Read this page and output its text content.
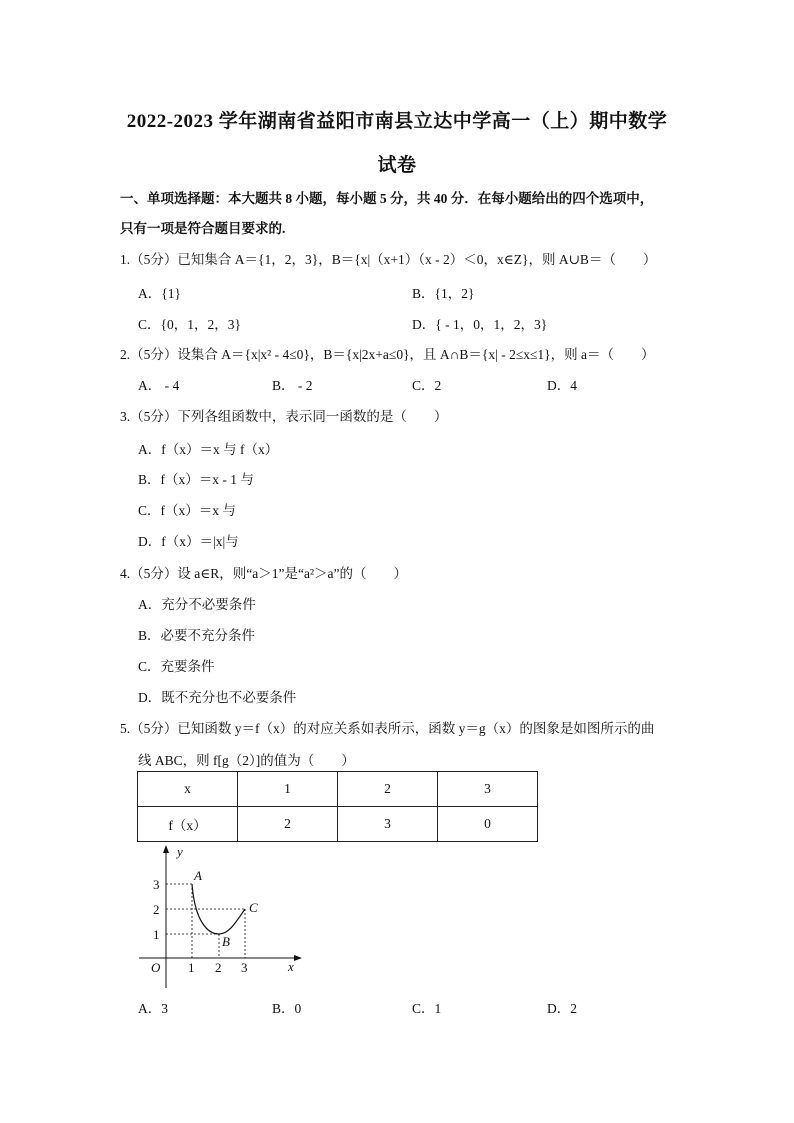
2022-2023 学年湖南省益阳市南县立达中学高一（上）期中数学
试卷
一、单项选择题：本大题共 8 小题，每小题 5 分，共 40 分．在每小题给出的四个选项中，
只有一项是符合题目要求的.
1.（5分）已知集合 A＝{1，2，3}，B＝{x|（x+1）（x - 2）＜0，x∈Z}，则 A∪B＝（　　）
A．{1}	B．{1，2}
C．{0，1，2，3}	D．{ - 1，0，1，2，3}
2.（5分）设集合 A＝{x|x² - 4≤0}，B＝{x|2x+a≤0}，且 A∩B＝{x| - 2≤x≤1}，则 a＝（　　）
A． - 4	B． - 2	C．2	D．4
3.（5分）下列各组函数中，表示同一函数的是（　　）
A．f（x）＝x 与 f（x）
B．f（x）＝x - 1 与
C．f（x）＝x 与
D．f（x）＝|x|与
4.（5分）设 a∈R，则“a＞1”是“a²＞a”的（　　）
A．充分不必要条件
B．必要不充分条件
C．充要条件
D．既不充分也不必要条件
5.（5分）已知函数 y＝f（x）的对应关系如表所示，函数 y＝g（x）的图象是如图所示的曲
线 ABC，则 f[g（2）]的值为（　　）
x	1	2	3
f（x）	2	3	0
y
x
O
3
2
1
1 2 3
A
B
C
A．3	B．0	C．1	D．2
